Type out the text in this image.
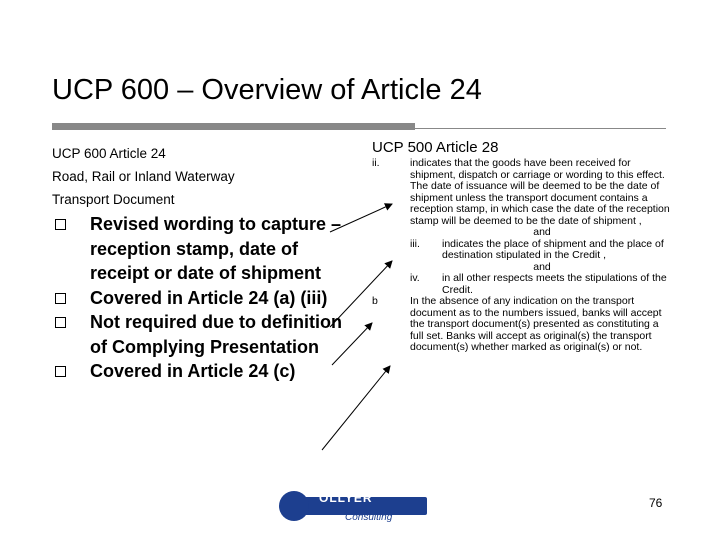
UCP 600 – Overview of Article 24
UCP 600 Article 24
Road, Rail or Inland Waterway
Transport Document
Revised wording to capture – reception stamp, date of receipt or date of shipment
Covered in Article 24 (a) (iii)
Not required due to definition of Complying Presentation
Covered in Article 24 (c)
UCP 500 Article 28
ii.	indicates that the goods have been received for shipment, dispatch or carriage or wording to this effect. The date of issuance will be deemed to be the date of shipment unless the transport document contains a reception stamp, in which case the date of the reception stamp will be deemed to be the date of shipment ,
and
iii.	indicates the place of shipment and the place of destination stipulated in the Credit ,
and
iv.	in all other respects meets the stipulations of the Credit.
b	In the absence of any indication on the transport document as to the numbers issued, banks will accept the transport document(s) presented as constituting a full set. Banks will accept as original(s) the transport document(s) whether marked as original(s) or not.
OLLYER
Consulting
76
